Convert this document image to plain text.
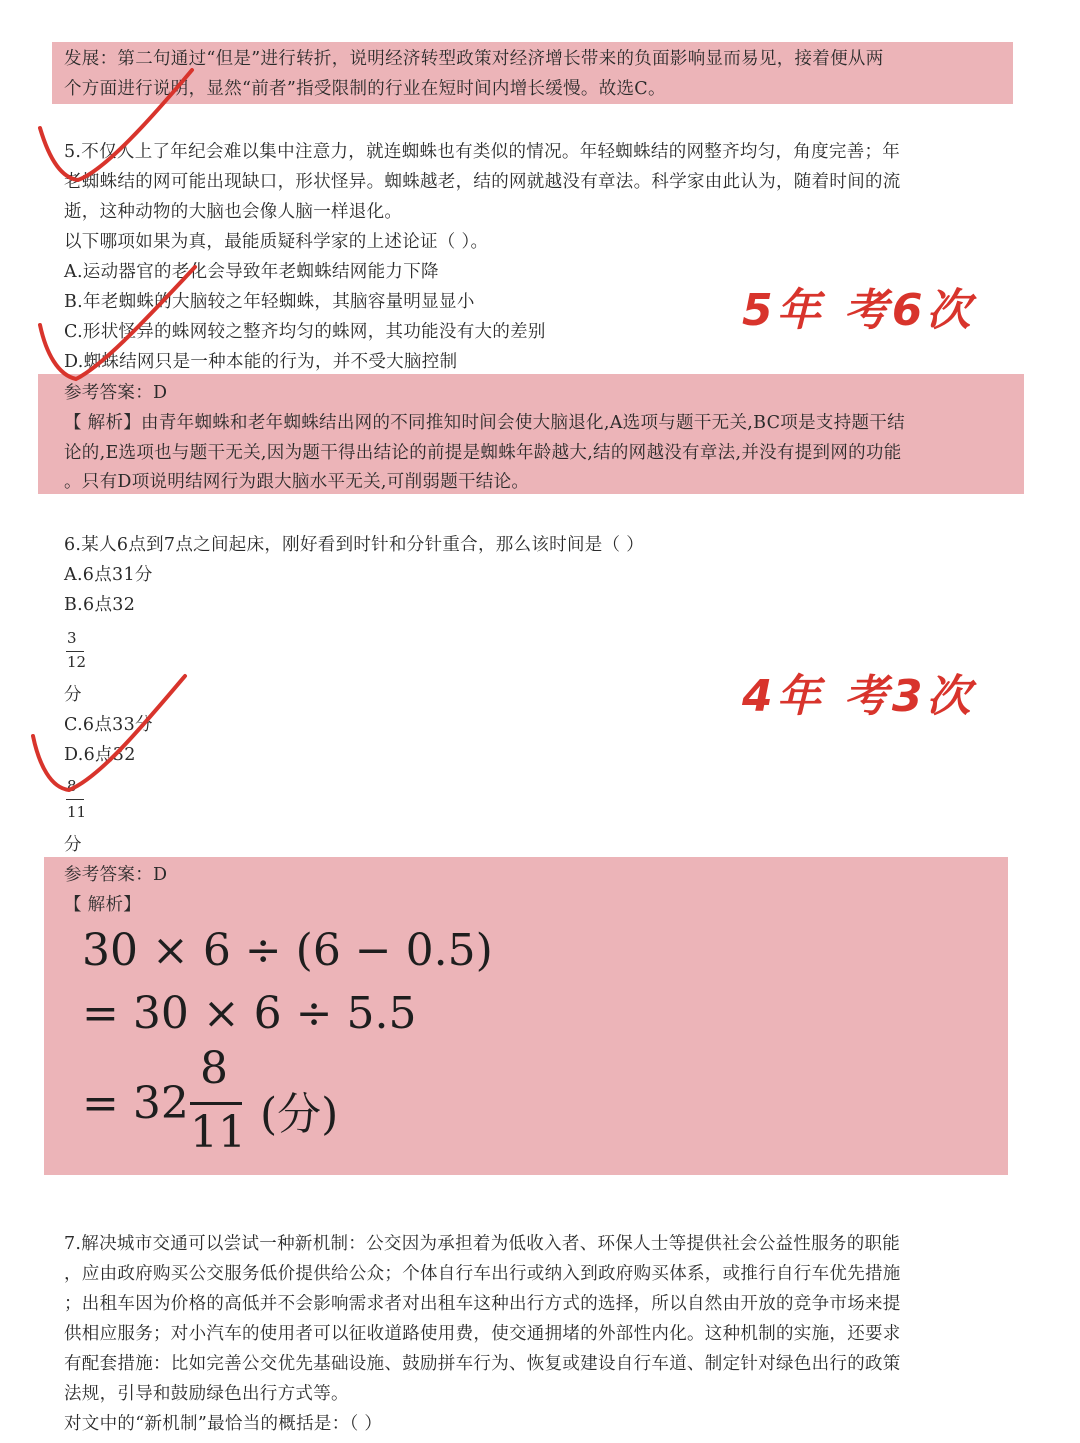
发展：第二句通过“但是”进行转折，说明经济转型政策对经济增长带来的负面影响显而易见，接着便从两
个方面进行说明，显然“前者”指受限制的行业在短时间内增长缓慢。故选C。
5.不仅人上了年纪会难以集中注意力，就连蜘蛛也有类似的情况。年轻蜘蛛结的网整齐均匀，角度完善；年
老蜘蛛结的网可能出现缺口，形状怪异。蜘蛛越老，结的网就越没有章法。科学家由此认为，随着时间的流
逝，这种动物的大脑也会像人脑一样退化。
以下哪项如果为真，最能质疑科学家的上述论证（ ）。
A.运动器官的老化会导致年老蜘蛛结网能力下降
B.年老蜘蛛的大脑较之年轻蜘蛛，其脑容量明显显小
C.形状怪异的蛛网较之整齐均匀的蛛网，其功能没有大的差别
D.蜘蛛结网只是一种本能的行为，并不受大脑控制
参考答案：D
【 解析】由青年蜘蛛和老年蜘蛛结出网的不同推知时间会使大脑退化,A选项与题干无关,BC项是支持题干结
论的,E选项也与题干无关,因为题干得出结论的前提是蜘蛛年龄越大,结的网越没有章法,并没有提到网的功能
。只有D项说明结网行为跟大脑水平无关,可削弱题干结论。
5年 考6次
6.某人6点到7点之间起床，刚好看到时针和分针重合，那么该时间是（ ）
A.6点31分
B.6点32
3
12
分
C.6点33分
D.6点32
8
11
分
参考答案：D
【 解析】
4年 考3次
30 × 6 ÷ (6 − 0.5)
= 30 × 6 ÷ 5.5
= 32
8
11 (分)
7.解决城市交通可以尝试一种新机制：公交因为承担着为低收入者、环保人士等提供社会公益性服务的职能
，应由政府购买公交服务低价提供给公众；个体自行车出行或纳入到政府购买体系，或推行自行车优先措施
；出租车因为价格的高低并不会影响需求者对出租车这种出行方式的选择，所以自然由开放的竞争市场来提
供相应服务；对小汽车的使用者可以征收道路使用费，使交通拥堵的外部性内化。这种机制的实施，还要求
有配套措施：比如完善公交优先基础设施、鼓励拼车行为、恢复或建设自行车道、制定针对绿色出行的政策
法规，引导和鼓励绿色出行方式等。
对文中的“新机制”最恰当的概括是：（ ）
